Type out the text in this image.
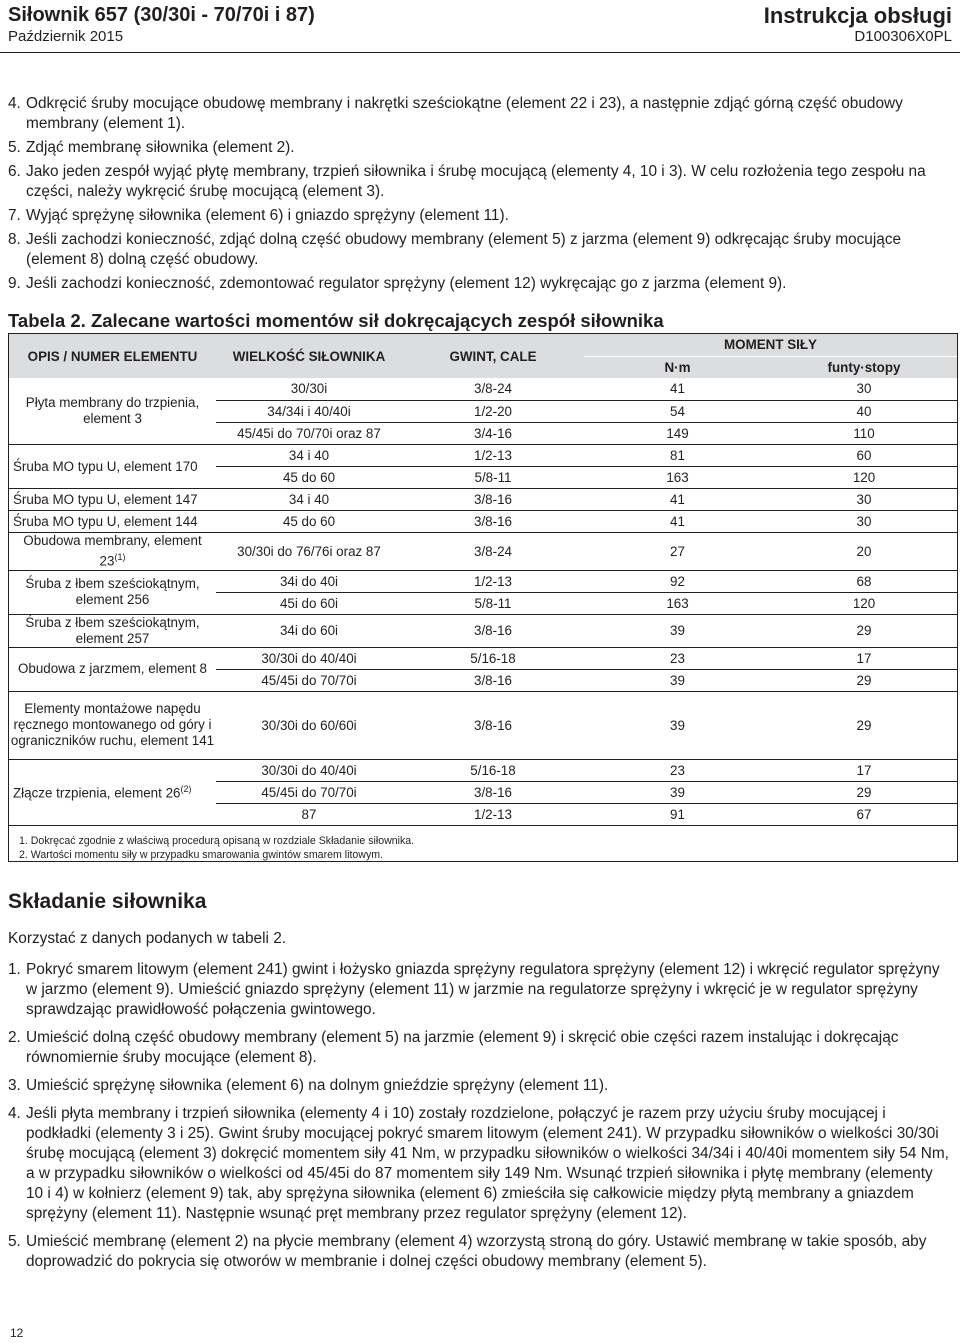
Siłownik 657 (30/30i - 70/70i i 87)
Październik 2015
Instrukcja obsługi
D100306X0PL
4. Odkręcić śruby mocujące obudowę membrany i nakrętki sześciokątne (element 22 i 23), a następnie zdjąć górną część obudowy membrany (element 1).
5. Zdjąć membranę siłownika (element 2).
6. Jako jeden zespół wyjąć płytę membrany, trzpień siłownika i śrubę mocującą (elementy 4, 10 i 3). W celu rozłożenia tego zespołu na części, należy wykręcić śrubę mocującą (element 3).
7. Wyjąć sprężynę siłownika (element 6) i gniazdo sprężyny (element 11).
8. Jeśli zachodzi konieczność, zdjąć dolną część obudowy membrany (element 5) z jarzma (element 9) odkręcając śruby mocujące (element 8) dolną część obudowy.
9. Jeśli zachodzi konieczność, zdemontować regulator sprężyny (element 12) wykręcając go z jarzma (element 9).
Tabela 2. Zalecane wartości momentów sił dokręcających zespół siłownika
OPIS / NUMER ELEMENTU	WIELKOŚĆ SIŁOWNIKA	GWINT, CALE	MOMENT SIŁY	
			N·m	funty·stopy
Płyta membrany do trzpienia, element 3	30/30i	3/8-24	41	30
	34/34i i 40/40i	1/2-20	54	40
	45/45i do 70/70i oraz 87	3/4-16	149	110
Śruba MO typu U, element 170	34 i 40	1/2-13	81	60
	45 do 60	5/8-11	163	120
Śruba MO typu U, element 147	34 i 40	3/8-16	41	30
Śruba MO typu U, element 144	45 do 60	3/8-16	41	30
Obudowa membrany, element 23$^{(1)}$	30/30i do 76/76i oraz 87	3/8-24	27	20
Śruba z łbem sześciokątnym, element 256	34i do 40i	1/2-13	92	68
	45i do 60i	5/8-11	163	120
Śruba z łbem sześciokątnym, element 257	34i do 60i	3/8-16	39	29
Obudowa z jarzmem, element 8	30/30i do 40/40i	5/16-18	23	17
	45/45i do 70/70i	3/8-16	39	29
Elementy montażowe napędu ręcznego montowanego od góry i ograniczników ruchu, element 141	30/30i do 60/60i	3/8-16	39	29
Złącze trzpienia, element 26$^{(2)}$	30/30i do 40/40i	5/16-18	23	17
	45/45i do 70/70i	3/8-16	39	29
	87	1/2-13	91	67
1. Dokręcać zgodnie z właściwą procedurą opisaną w rozdziale Składanie siłownika.
2. Wartości momentu siły w przypadku smarowania gwintów smarem litowym.
Składanie siłownika
Korzystać z danych podanych w tabeli 2.
1. Pokryć smarem litowym (element 241) gwint i łożysko gniazda sprężyny regulatora sprężyny (element 12) i wkręcić regulator sprężyny w jarzmo (element 9). Umieścić gniazdo sprężyny (element 11) w jarzmie na regulatorze sprężyny i wkręcić je w regulator sprężyny sprawdzając prawidłowość połączenia gwintowego.
2. Umieścić dolną część obudowy membrany (element 5) na jarzmie (element 9) i skręcić obie części razem instalując i dokręcając równomiernie śruby mocujące (element 8).
3. Umieścić sprężynę siłownika (element 6) na dolnym gnieździe sprężyny (element 11).
4. Jeśli płyta membrany i trzpień siłownika (elementy 4 i 10) zostały rozdzielone, połączyć je razem przy użyciu śruby mocującej i podkładki (elementy 3 i 25). Gwint śruby mocującej pokryć smarem litowym (element 241). W przypadku siłowników o wielkości 30/30i śrubę mocującą (element 3) dokręcić momentem siły 41 Nm, w przypadku siłowników o wielkości 34/34i i 40/40i momentem siły 54 Nm, a w przypadku siłowników o wielkości od 45/45i do 87 momentem siły 149 Nm. Wsunąć trzpień siłownika i płytę membrany (elementy 10 i 4) w kołnierz (element 9) tak, aby sprężyna siłownika (element 6) zmieściła się całkowicie między płytą membrany a gniazdem sprężyny (element 11). Następnie wsunąć pręt membrany przez regulator sprężyny (element 12).
5. Umieścić membranę (element 2) na płycie membrany (element 4) wzorzystą stroną do góry. Ustawić membranę w takie sposób, aby doprowadzić do pokrycia się otworów w membranie i dolnej części obudowy membrany (element 5).
12
